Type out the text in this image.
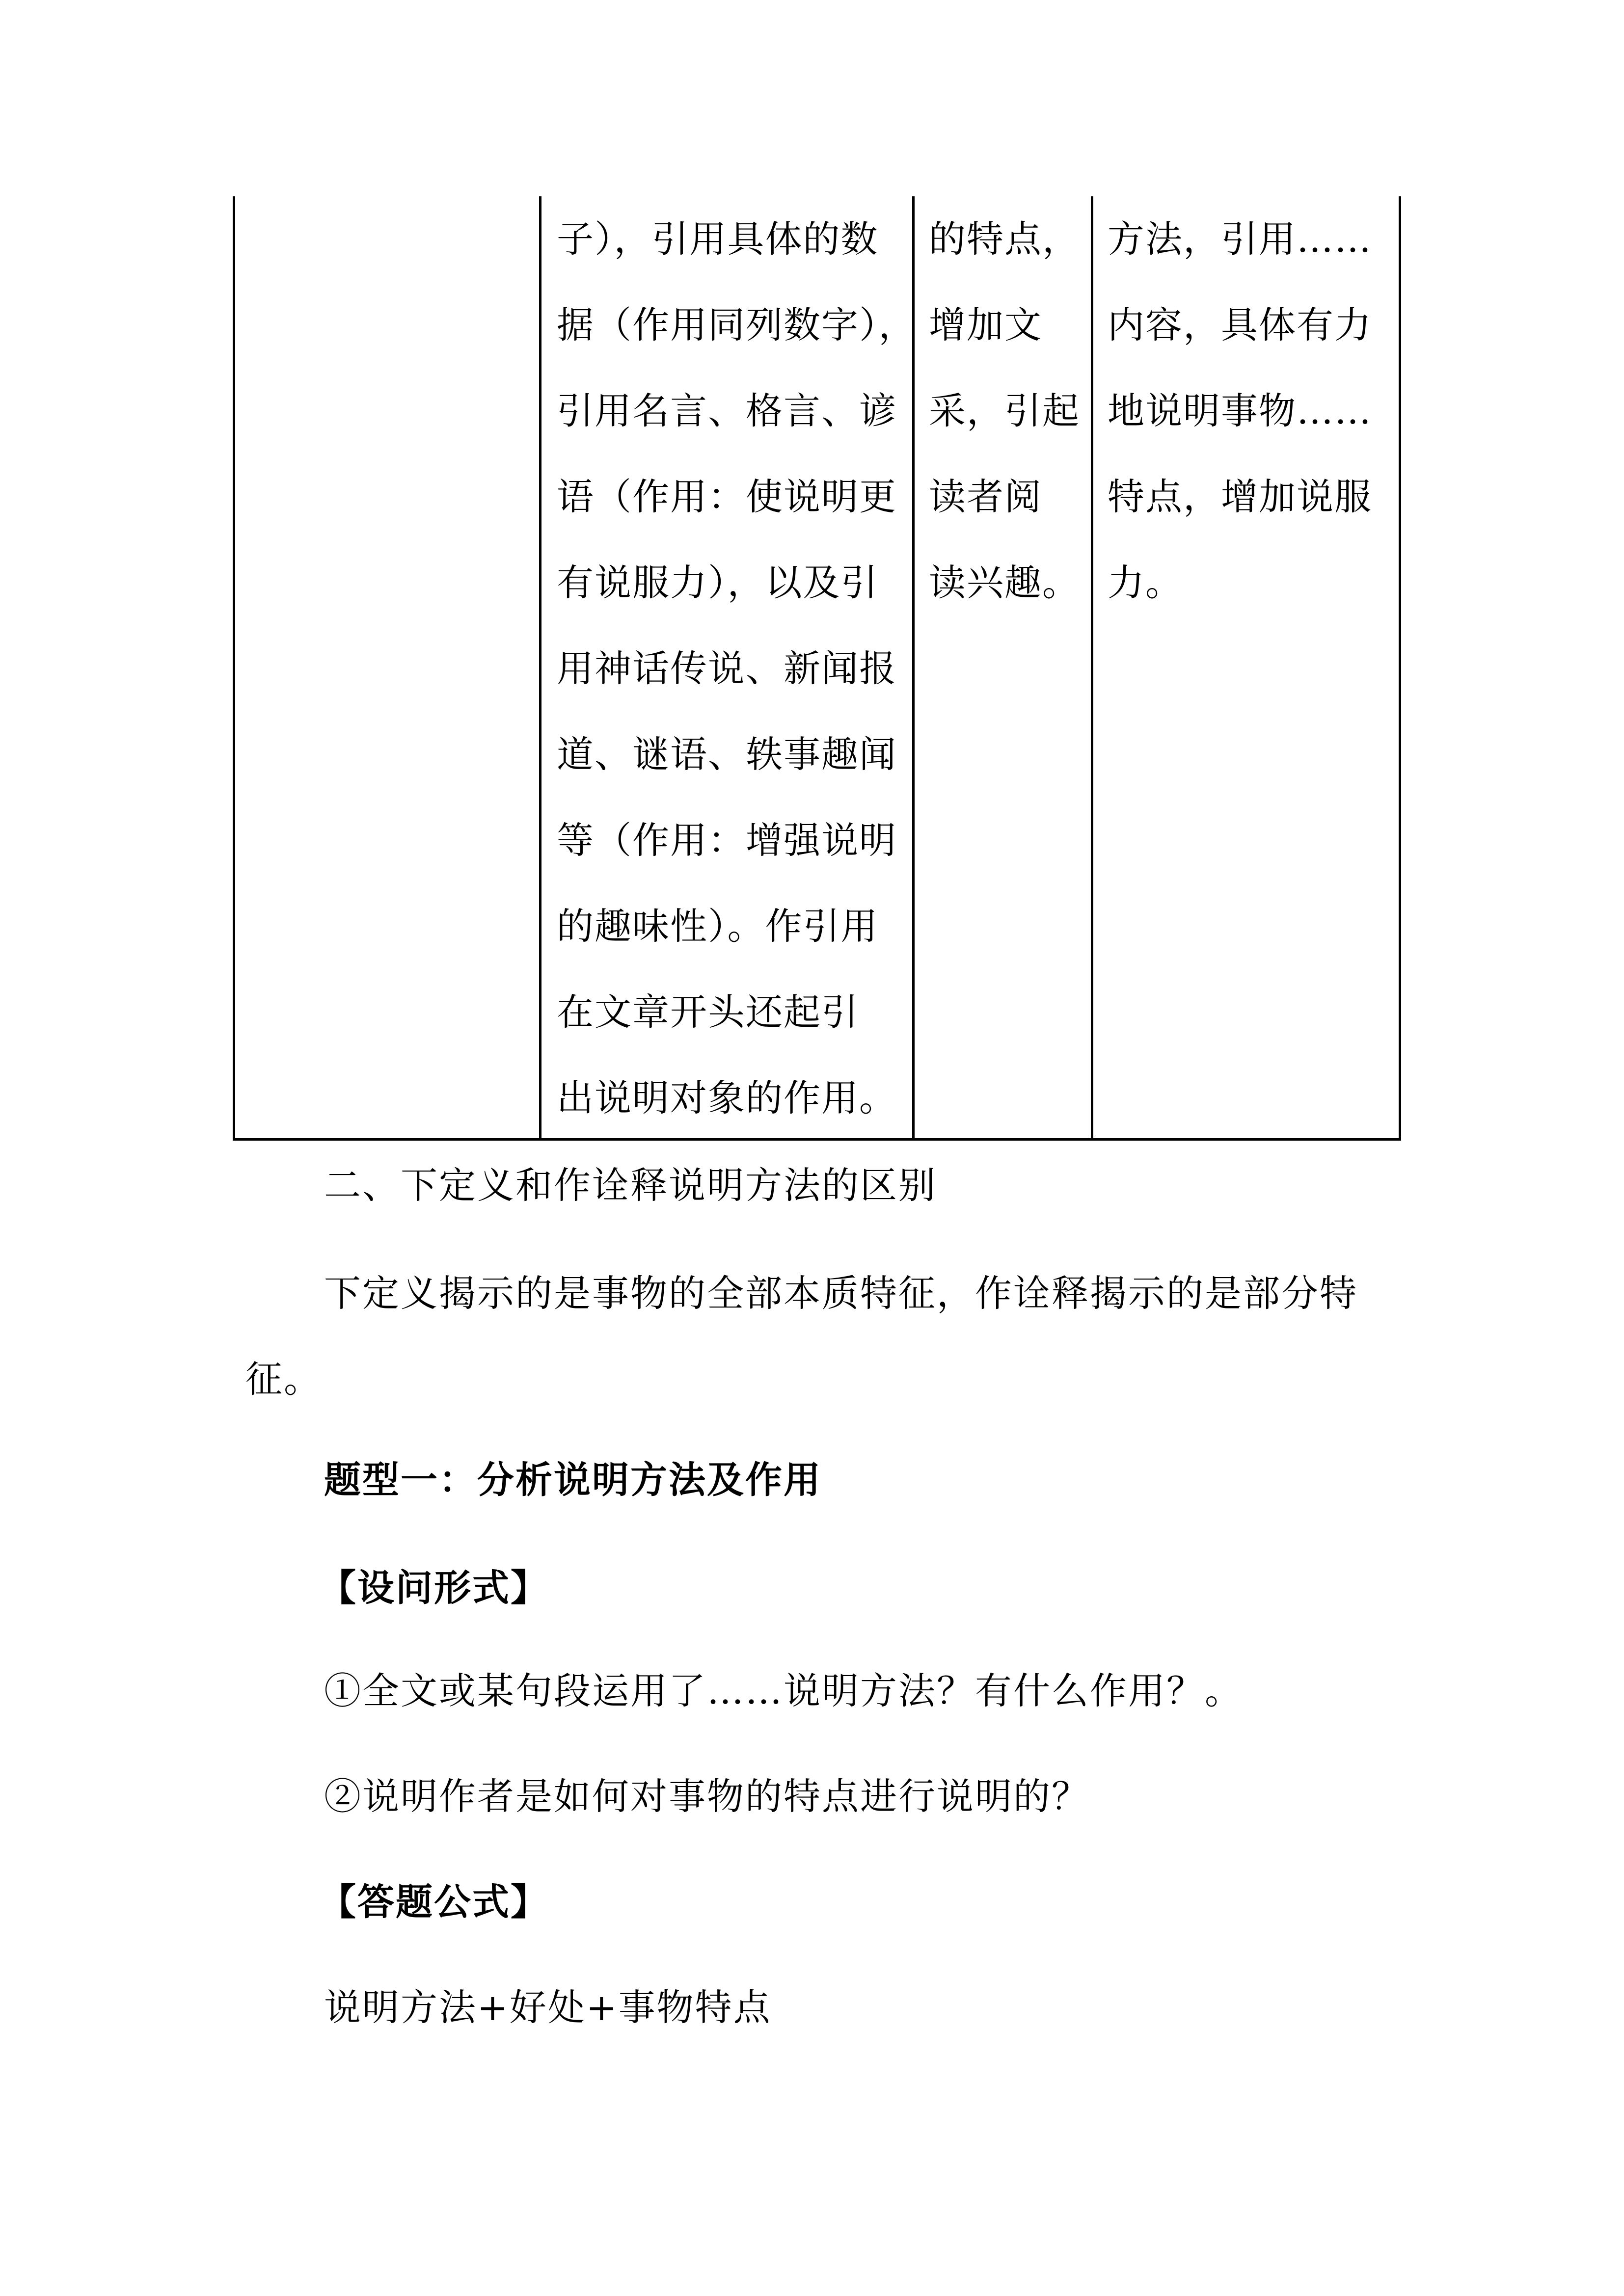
子），引用具体的数
据（作用同列数字），
引用名言、格言、谚
语（作用：使说明更
有说服力），以及引
用神话传说、新闻报
道、谜语、轶事趣闻
等（作用：增强说明
的趣味性）。作引用
在文章开头还起引
出说明对象的作用。
的特点，
增加文
采，引起
读者阅
读兴趣。
方法，引用……
内容，具体有力
地说明事物……
特点，增加说服
力。
二、下定义和作诠释说明方法的区别
下定义揭示的是事物的全部本质特征，作诠释揭示的是部分特
征。
题型一：分析说明方法及作用
【设问形式】
①全文或某句段运用了……说明方法？有什么作用？。
②说明作者是如何对事物的特点进行说明的？
【答题公式】
说明方法+好处+事物特点
